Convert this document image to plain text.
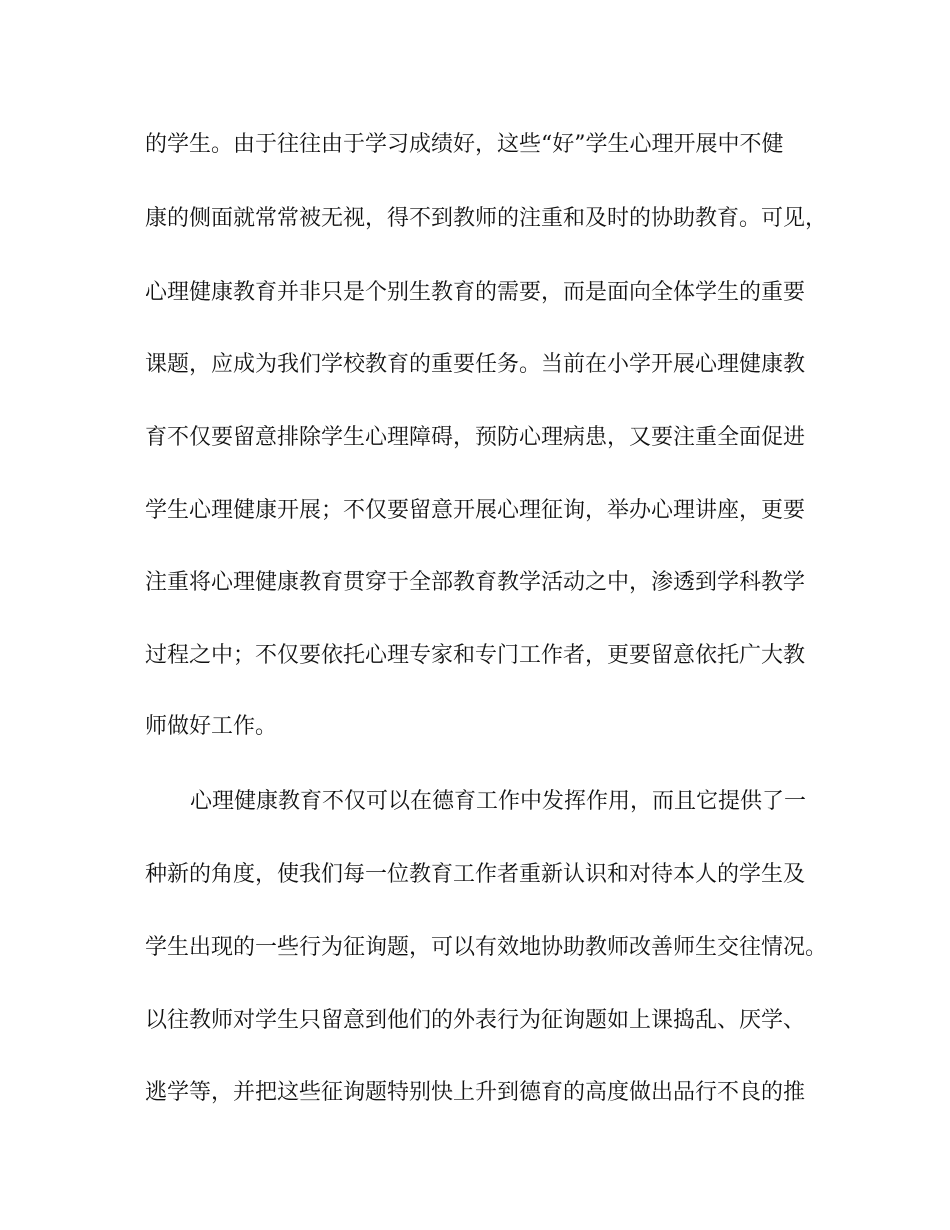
的学生。由于往往由于学习成绩好，这些“好”学生心理开展中不健
康的侧面就常常被无视，得不到教师的注重和及时的协助教育。可见，
心理健康教育并非只是个别生教育的需要，而是面向全体学生的重要
课题，应成为我们学校教育的重要任务。当前在小学开展心理健康教
育不仅要留意排除学生心理障碍，预防心理病患，又要注重全面促进
学生心理健康开展；不仅要留意开展心理征询，举办心理讲座，更要
注重将心理健康教育贯穿于全部教育教学活动之中，渗透到学科教学
过程之中；不仅要依托心理专家和专门工作者，更要留意依托广大教
师做好工作。
心理健康教育不仅可以在德育工作中发挥作用，而且它提供了一
种新的角度，使我们每一位教育工作者重新认识和对待本人的学生及
学生出现的一些行为征询题，可以有效地协助教师改善师生交往情况。
以往教师对学生只留意到他们的外表行为征询题如上课捣乱、厌学、
逃学等，并把这些征询题特别快上升到德育的高度做出品行不良的推
